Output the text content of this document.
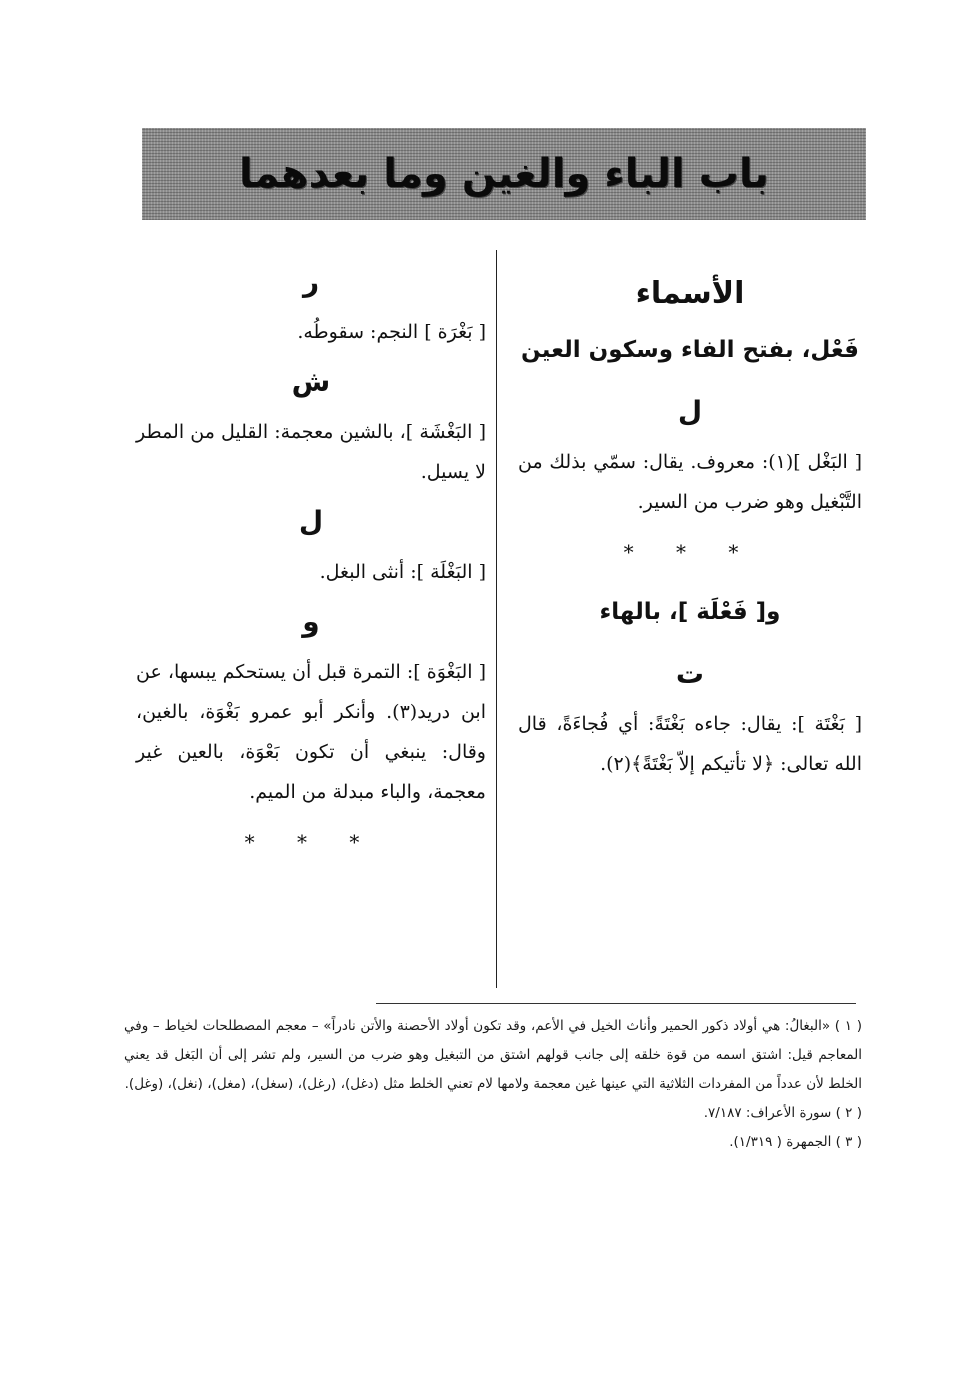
باب الباء والغين وما بعدهما
الأسماء
فَعْل، بفتح الفاء وسكون العين
ل

[ البَغْل ](١): معروف. يقال: سمّي بذلك من التَّبْغيل وهو ضرب من السير.

* * *
و[ فَعْلَة ]، بالهاء
ت

[ بَغْتَة ]: يقال: جاءه بَغْتَةً: أي فُجاءَةً، قال الله تعالى: ﴿لا تأتيكم إلاّ بَغْتَةً﴾(٢).

ر

[ بَغْرَة ] النجم: سقوطُه.

ش

[ البَغْشَة ]، بالشين معجمة: القليل من المطر لا يسيل.

ل

[ البَغْلَة ]: أنثى البغل.

و

[ البَغْوَة ]: التمرة قبل أن يستحكم يبسها، عن ابن دريد(٣). وأنكر أبو عمرو بَغْوَة، بالغين، وقال: ينبغي أن تكون بَعْوَة، بالعين غير معجمة، والباء مبدلة من الميم.

* * *

( ١ ) «البغالُ: هي أولاد ذكور الحمير وأناث الخيل في الأعم، وقد تكون أولاد الأحصنة والأتن نادراً» – معجم المصطلحات لخياط – وفي المعاجم قيل: اشتق اسمه من قوة خلقه إلى جانب قولهم اشتق من التبغيل وهو ضرب من السير، ولم تشر إلى أن البَغل قد يعني الخلط لأن عدداً من المفردات الثلاثية التي عينها غين معجمة ولامها لام تعني الخلط مثل (دغل)، (رغل)، (سغل)، (مغل)، (نغل)، (وغل).

( ٢ ) سورة الأعراف: ٧/١٨٧.

( ٣ ) الجمهرة ( ١/٣١٩).
